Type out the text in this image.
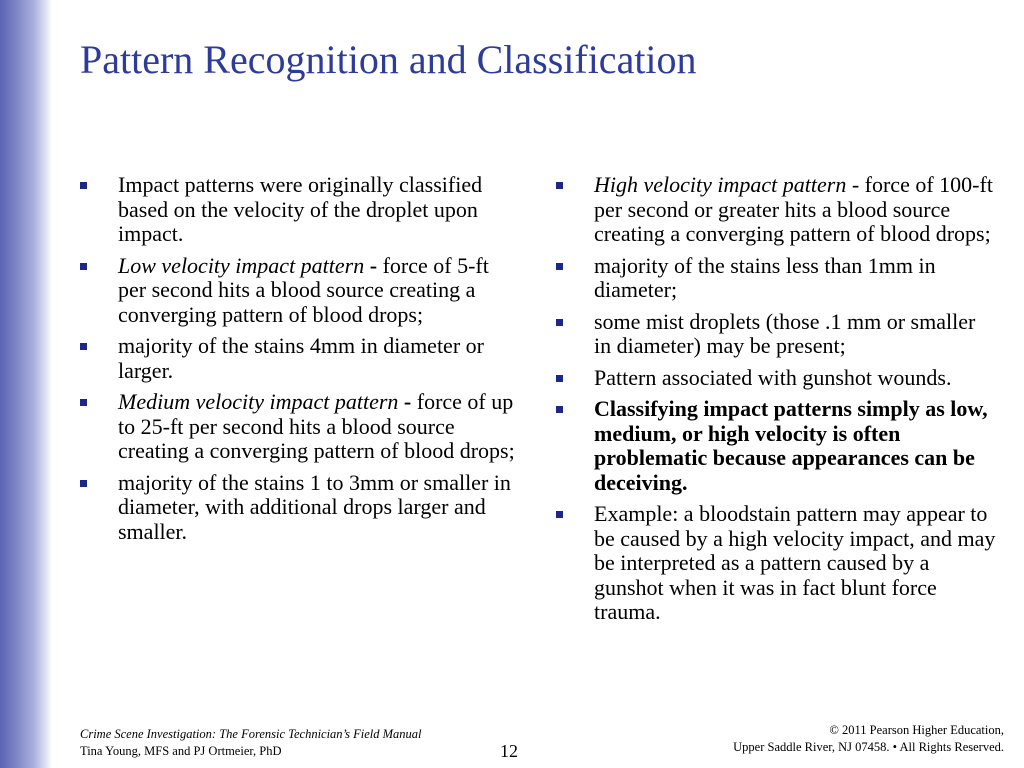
Pattern Recognition and Classification
Impact patterns were originally classified based on the velocity of the droplet upon impact.
Low velocity impact pattern - force of 5-ft per second hits a blood source creating a converging pattern of blood drops;
majority of the stains 4mm in diameter or larger.
Medium velocity impact pattern - force of up to 25-ft per second hits a blood source creating a converging pattern of blood drops;
majority of the stains 1 to 3mm or smaller in diameter, with additional drops larger and smaller.
High velocity impact pattern - force of 100-ft per second or greater hits a blood source creating a converging pattern of blood drops;
majority of the stains less than 1mm in diameter;
some mist droplets (those .1 mm or smaller in diameter) may be present;
Pattern associated with gunshot wounds.
Classifying impact patterns simply as low, medium, or high velocity is often problematic because appearances can be deceiving.
Example: a bloodstain pattern may appear to be caused by a high velocity impact, and may be interpreted as a pattern caused by a gunshot when it was in fact blunt force trauma.
Crime Scene Investigation: The Forensic Technician’s Field Manual
Tina Young, MFS and PJ Ortmeier, PhD	12
© 2011 Pearson Higher Education,
Upper Saddle River, NJ 07458. • All Rights Reserved.
